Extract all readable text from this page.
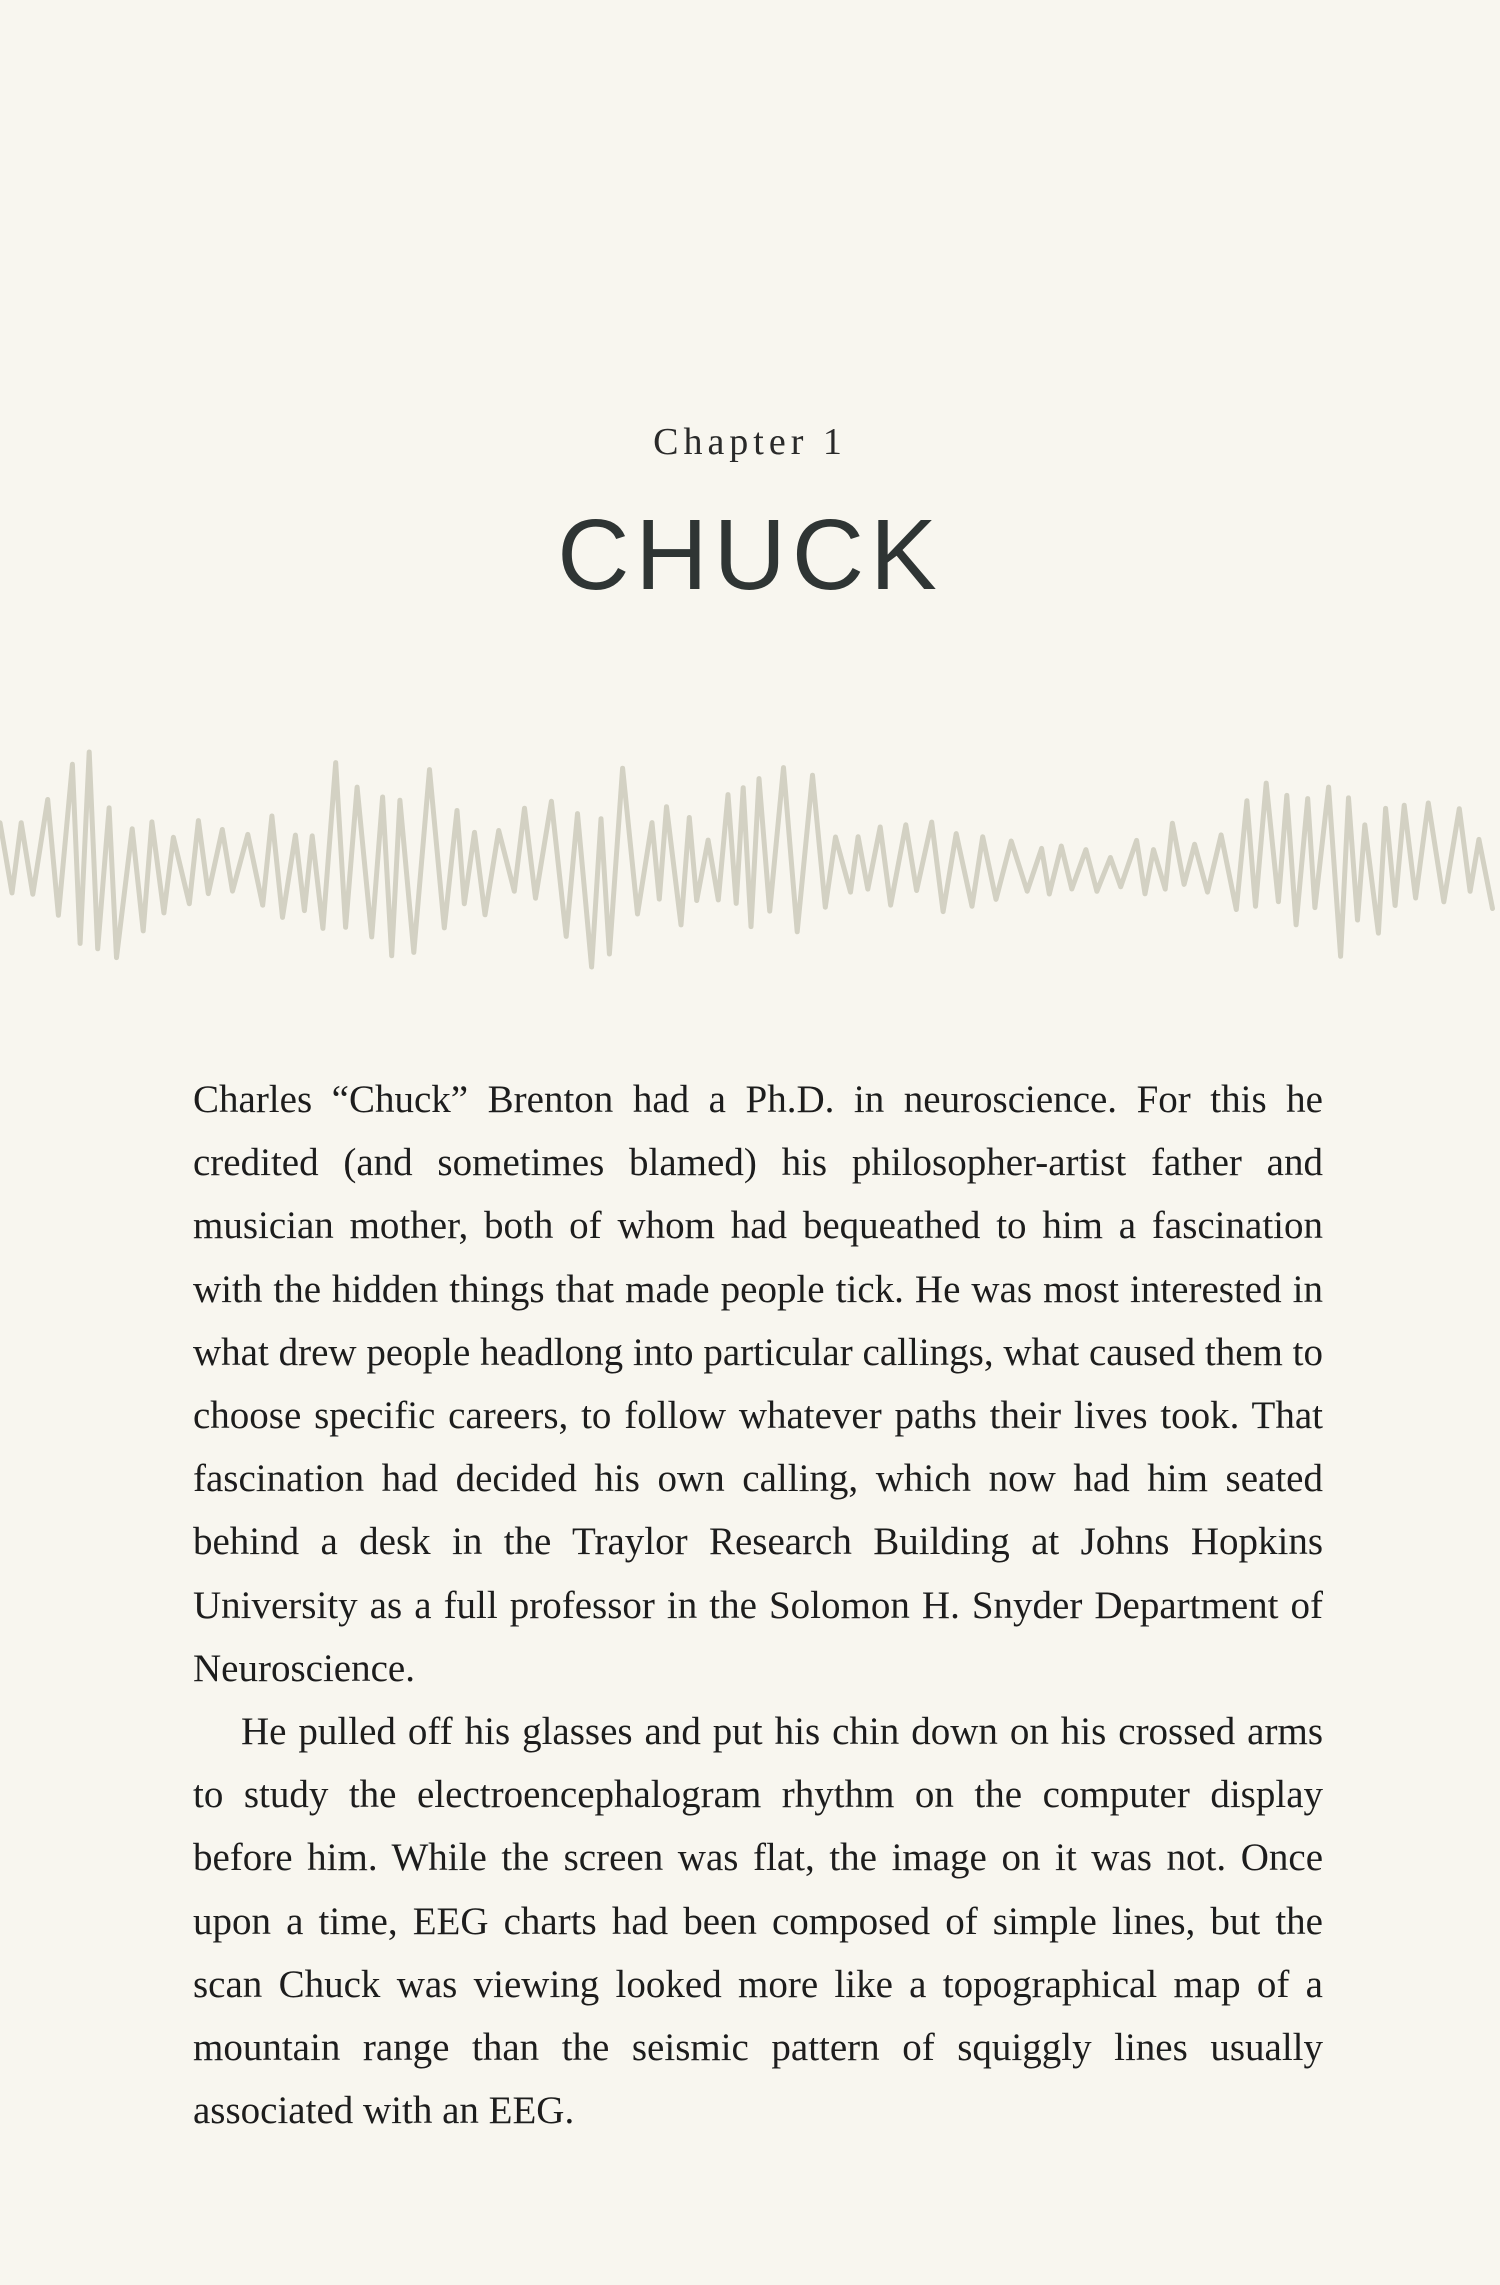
Chapter 1
CHUCK

Charles “Chuck” Brenton had a Ph.D. in neuroscience. For this he credited (and sometimes blamed) his philosopher-artist father and musician mother, both of whom had bequeathed to him a fascination with the hidden things that made people tick. He was most interested in what drew people headlong into particular callings, what caused them to choose specific careers, to follow whatever paths their lives took. That fascination had decided his own calling, which now had him seated behind a desk in the Traylor Research Building at Johns Hopkins University as a full professor in the Solomon H. Snyder Department of Neuroscience.

He pulled off his glasses and put his chin down on his crossed arms to study the electroencephalogram rhythm on the computer display before him. While the screen was flat, the image on it was not. Once upon a time, EEG charts had been composed of simple lines, but the scan Chuck was viewing looked more like a topographical map of a mountain range than the seismic pattern of squiggly lines usually associated with an EEG.
